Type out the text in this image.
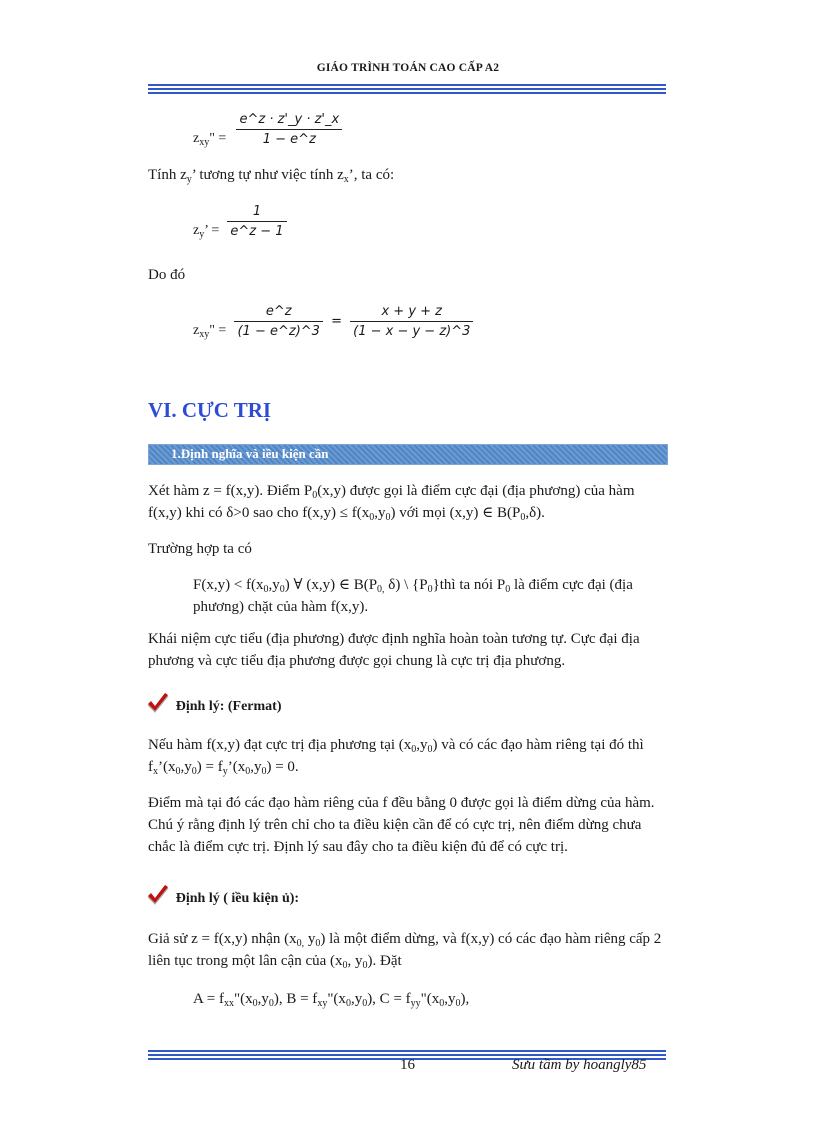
GIÁO TRÌNH TOÁN CAO CẤP A2
$z_{xy}$" = $\frac{e\^{}z \cdot z'\_y \cdot z'\_x}{1 - e\^{}z}$
Tính $z_y$’ tương tự như việc tính $z_x$’, ta có:
$z_y$’ = $\frac{1}{e\^{}z - 1}$
Do đó
$z_{xy}$" = $\frac{e\^{}z}{(1 - e\^{}z)\^{}3} = \frac{x + y + z}{(1 - x - y - z)\^{}3}$
VI. CỰC TRỊ
1.Định nghĩa và iều kiện cần
Xét hàm z = f(x,y). Điểm $P_0(x,y)$ được gọi là điểm cực đại (địa phương) của hàm
f(x,y) khi có δ>0 sao cho $f(x,y) \le f(x_0,y_0)$ với mọi (x,y) ∈ $B(P_0,\delta)$.
Trường hợp ta có
$F(x,y) < f(x_0,y_0)$ ∀ (x,y) ∈ $B(P_{0,}$ δ) \ $\{P_0\}thì$ ta nói $P_0$ là điểm cực đại (địa
phương) chặt của hàm f(x,y).
Khái niệm cực tiểu (địa phương) được định nghĩa hoàn toàn tương tự. Cực đại địa
phương và cực tiểu địa phương được gọi chung là cực trị địa phương.
Định lý: (Fermat)
Nếu hàm f(x,y) đạt cực trị địa phương tại $(x_0,y_0)$ và có các đạo hàm riêng tại đó thì
$f_x’(x_0,y_0)$ = $f_y’(x_0,y_0) = 0$.
Điểm mà tại đó các đạo hàm riêng của f đều bằng 0 được gọi là điểm dừng của hàm.
Chú ý rằng định lý trên chỉ cho ta điều kiện cần để có cực trị, nên điểm dừng chưa
chắc là điểm cực trị. Định lý sau đây cho ta điều kiện đủ để có cực trị.
Định lý ( iều kiện ủ):
Giả sử z = f(x,y) nhận ($x_{0,}$ $y_0$) là một điểm dừng, và f(x,y) có các đạo hàm riêng cấp 2
liên tục trong một lân cận của ($x_0$, $y_0$). Đặt
$A = f_{xx}"(x_0,y_0)$, $B = f_{xy}"(x_0,y_0)$, $C = f_{yy}"(x_0,y_0)$,
16	Sưu tầm by hoangly85
